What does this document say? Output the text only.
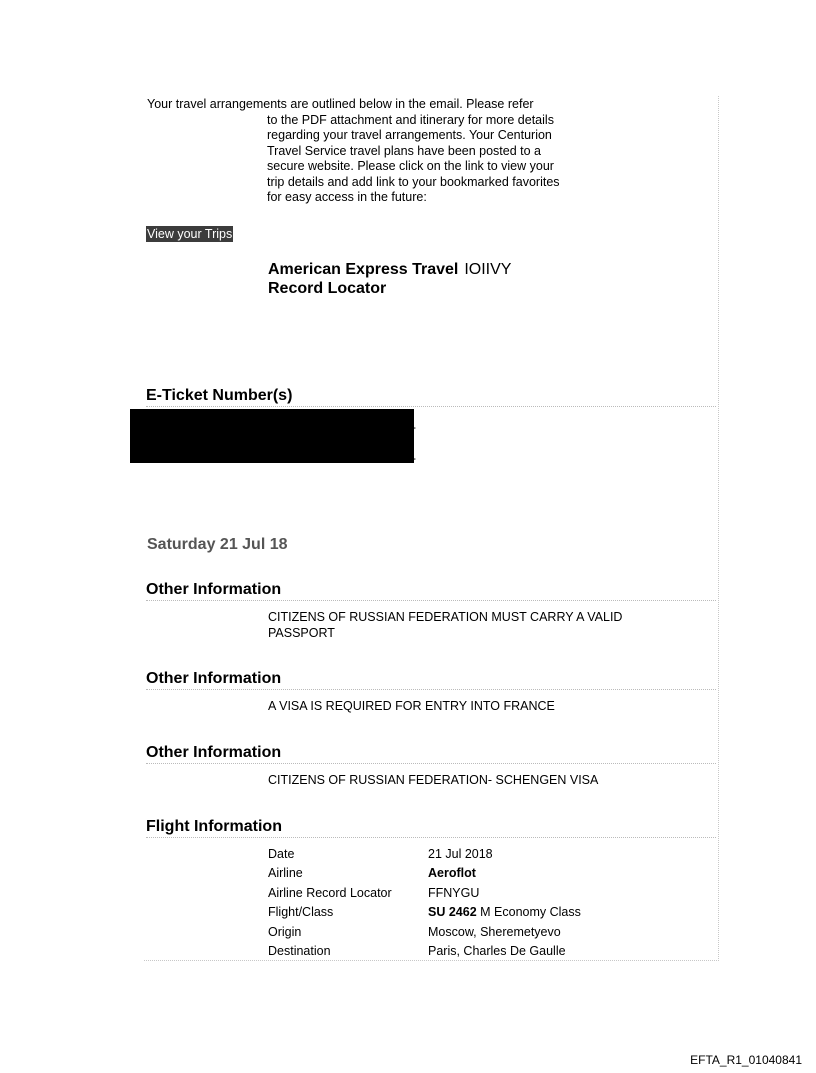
Your travel arrangements are outlined below in the email. Please refer
to the PDF attachment and itinerary for more details
regarding your travel arrangements. Your Centurion
Travel Service travel plans have been posted to a
secure website. Please click on the link to view your
trip details and add link to your bookmarked favorites
for easy access in the future:
View your Trips
American Express Travel IOIIVY
Record Locator
E-Ticket Number(s)
-
-
Saturday 21 Jul 18
Other Information
CITIZENS OF RUSSIAN FEDERATION MUST CARRY A VALID PASSPORT
Other Information
A VISA IS REQUIRED FOR ENTRY INTO FRANCE
Other Information
CITIZENS OF RUSSIAN FEDERATION- SCHENGEN VISA
Flight Information
Date	21 Jul 2018
Airline	Aeroflot
Airline Record Locator	FFNYGU
Flight/Class	SU 2462 M Economy Class
Origin	Moscow, Sheremetyevo
Destination	Paris, Charles De Gaulle
EFTA_R1_01040841
